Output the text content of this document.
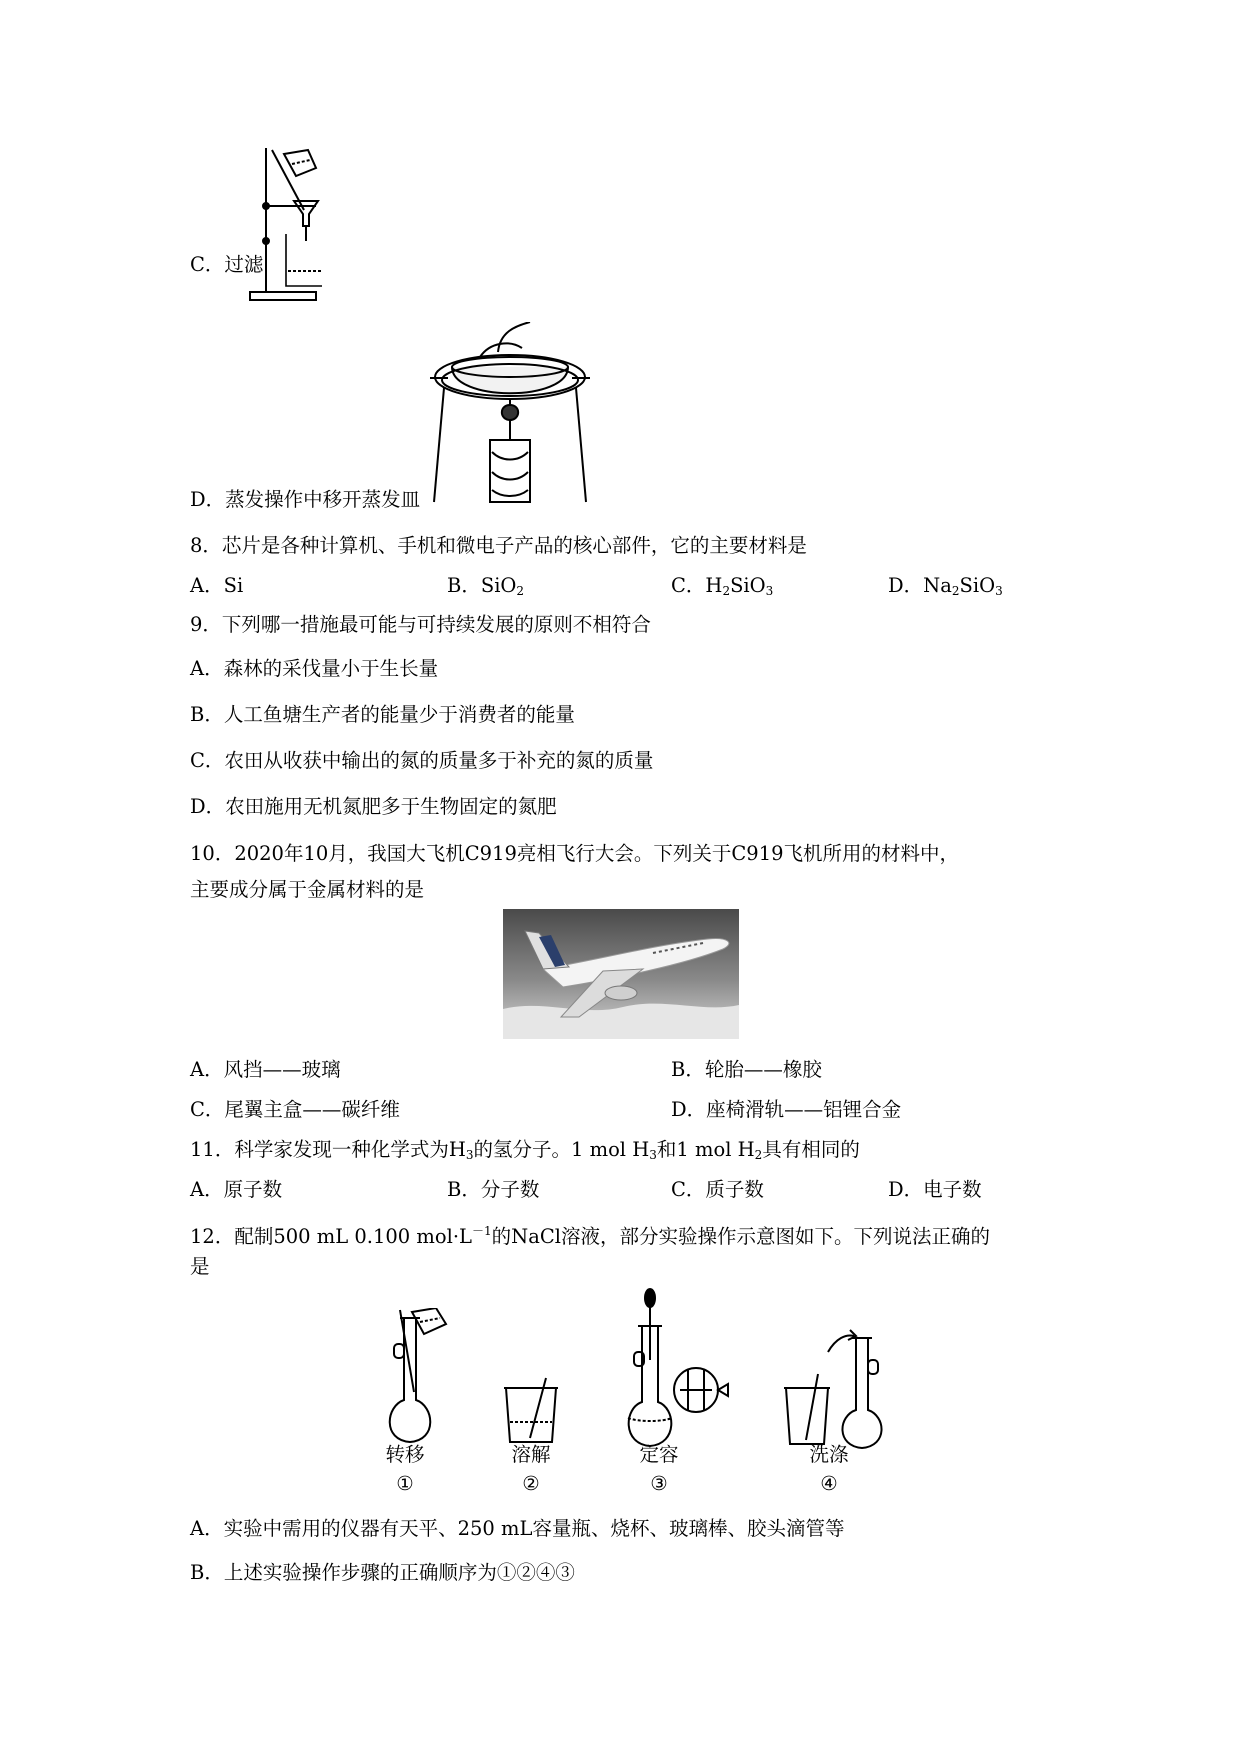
C．过滤
D．蒸发操作中移开蒸发皿
8．芯片是各种计算机、手机和微电子产品的核心部件，它的主要材料是
A．Si	B．SiO$_2$	C．$H_2SiO_3$	D．$Na_2SiO_3$
9．下列哪一措施最可能与可持续发展的原则不相符合
A．森林的采伐量小于生长量
B．人工鱼塘生产者的能量少于消费者的能量
C．农田从收获中输出的氮的质量多于补充的氮的质量
D．农田施用无机氮肥多于生物固定的氮肥
10．2020年10月，我国大飞机C919亮相飞行大会。下列关于C919飞机所用的材料中，
主要成分属于金属材料的是
A．风挡——玻璃	B．轮胎——橡胶
C．尾翼主盒——碳纤维	D．座椅滑轨——铝锂合金
11．科学家发现一种化学式为$H_3$的氢分子。1 mol $H_3$和1 mol $H_2$具有相同的
A．原子数	B．分子数	C．质子数	D．电子数
12．配制500 mL 0.100 $mol\cdot L^{-1}$的NaCl溶液，部分实验操作示意图如下。下列说法正确的
是
转移	溶解	定容	洗涤
①	②	③	④
A．实验中需用的仪器有天平、250 mL容量瓶、烧杯、玻璃棒、胶头滴管等
B．上述实验操作步骤的正确顺序为①②④③
